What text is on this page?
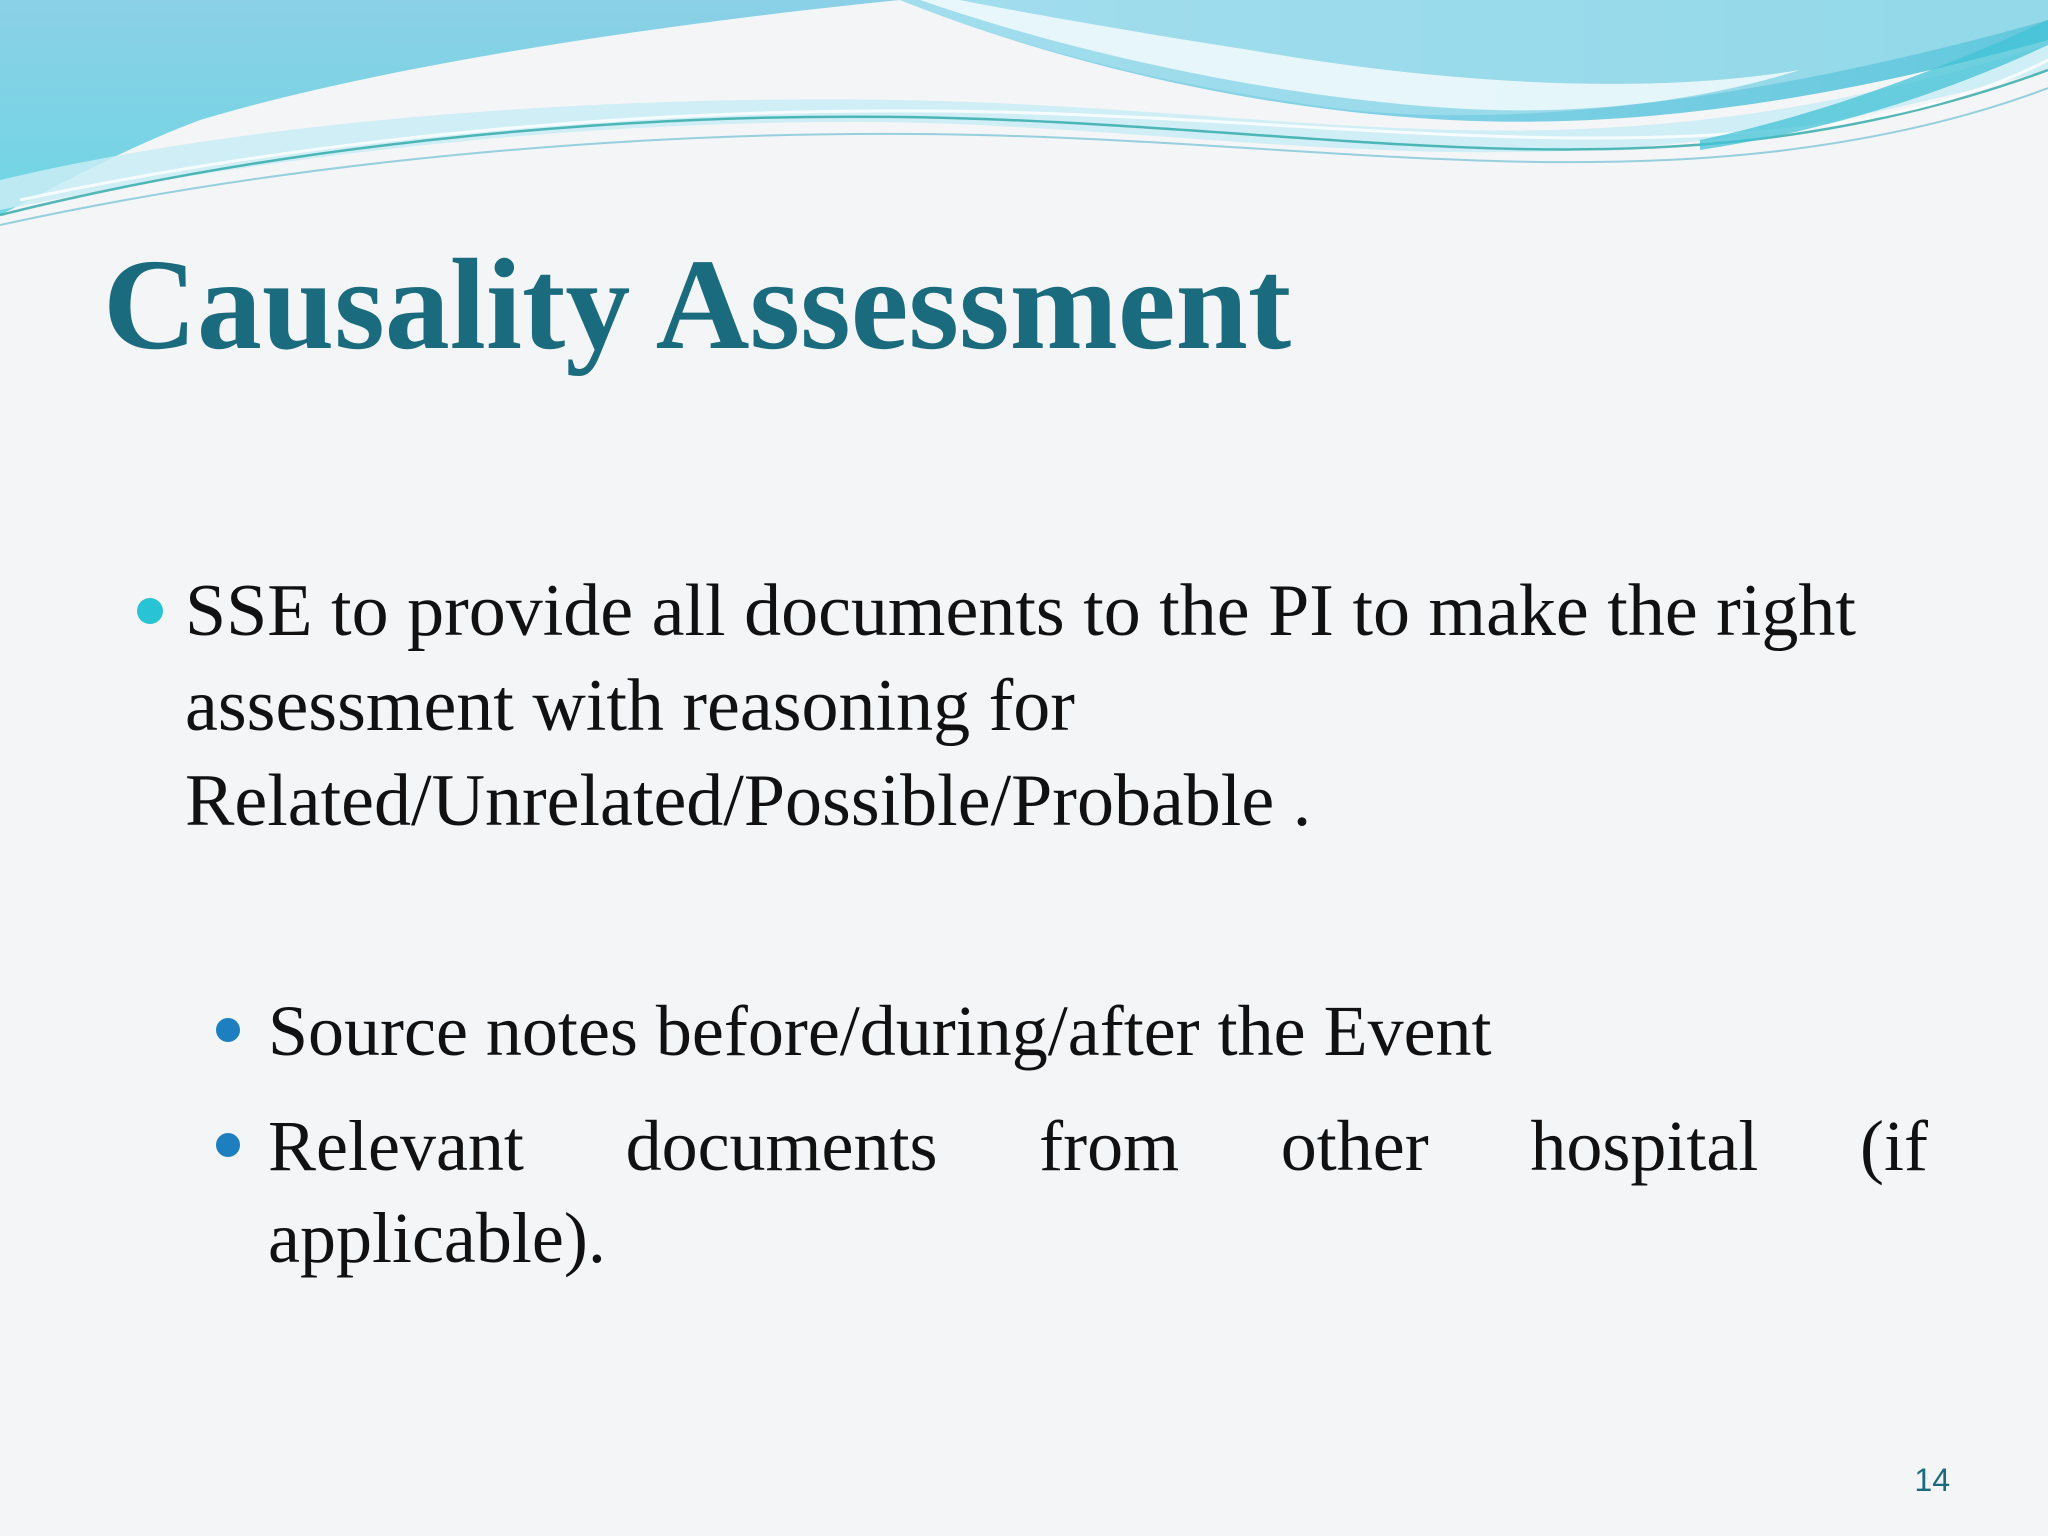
Causality Assessment
SSE to provide all documents to the PI to make the right assessment with reasoning for Related/Unrelated/Possible/Probable .
Source notes before/during/after the Event
Relevant documents from other hospital (if
applicable).
14
